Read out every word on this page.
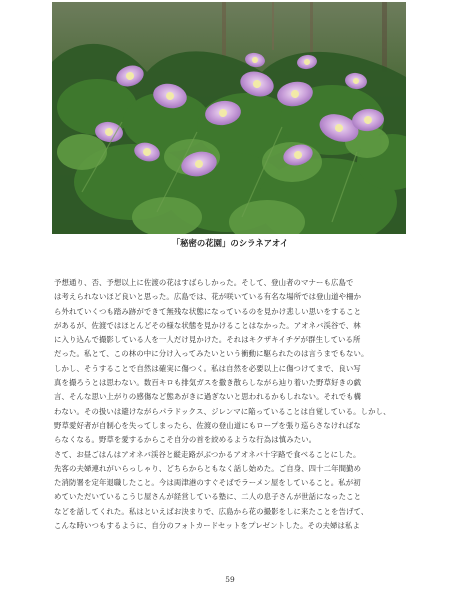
「秘密の花園」のシラネアオイ
予想通り、否、予想以上に佐渡の花はすばらしかった。そして、登山者のマナーも広島で
は考えられないほど良いと思った。広島では、花が咲いている有名な場所では登山道や柵か
ら外れていくつも踏み跡ができて無残な状態になっているのを見かけ悲しい思いをすること
があるが、佐渡ではほとんどその様な状態を見かけることはなかった。アオネバ渓谷で、林
に入り込んで撮影している人を一人だけ見かけた。それはキクザキイチゲが群生している所
だった。私とて、この林の中に分け入ってみたいという衝動に駆られたのは言うまでもない。
しかし、そうすることで自然は確実に傷つく。私は自然を必要以上に傷つけてまで、良い写
真を撮ろうとは思わない。数百キロも排気ガスを撒き散らしながら辿り着いた野草好きの戯
言、そんな思い上がりの感傷など態あがきに過ぎないと思われるかもしれない。それでも構
わない。その扱いは避けながらパラドックス、ジレンマに陥っていることは自覚している。しかし、
野草愛好者が自制心を失ってしまったら、佐渡の登山道にもロープを張り巡らさなければな
らなくなる。野草を愛するからこそ自分の首を絞めるような行為は慎みたい。
さて、お昼ごはんはアオネバ渓谷と縦走路がぶつかるアオネバ十字路で食べることにした。
先客の夫婦連れがいらっしゃり、どちらからともなく話し始めた。ご自身、四十二年間勤め
た消防署を定年退職したこと。今は両津港のすぐそばでラーメン屋をしていること。私が初
めていただいているこうじ屋さんが経営している塾に、二人の息子さんが世話になったこと
などを話してくれた。私はといえばお決まりで、広島から花の撮影をしに来たことを告げて、
こんな時いつもするように、自分のフォトカードセットをプレゼントした。その夫婦は私よ
59
